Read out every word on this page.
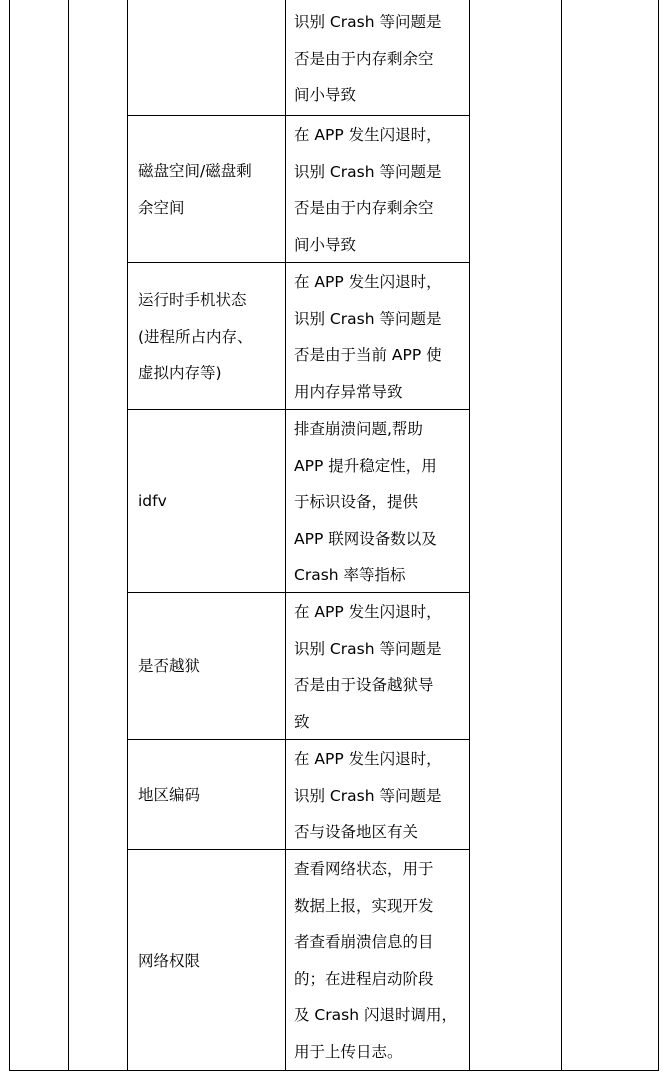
识别 Crash 等问题是
否是由于内存剩余空
间小导致
磁盘空间/磁盘剩
余空间
在 APP 发生闪退时，
识别 Crash 等问题是
否是由于内存剩余空
间小导致
运行时手机状态
(进程所占内存、
虚拟内存等)
在 APP 发生闪退时，
识别 Crash 等问题是
否是由于当前 APP 使
用内存异常导致
idfv
排查崩溃问题,帮助
APP 提升稳定性，用
于标识设备，提供
APP 联网设备数以及
Crash 率等指标
是否越狱
在 APP 发生闪退时，
识别 Crash 等问题是
否是由于设备越狱导
致
地区编码
在 APP 发生闪退时，
识别 Crash 等问题是
否与设备地区有关
网络权限
查看网络状态，用于
数据上报，实现开发
者查看崩溃信息的目
的；在进程启动阶段
及 Crash 闪退时调用，
用于上传日志。
